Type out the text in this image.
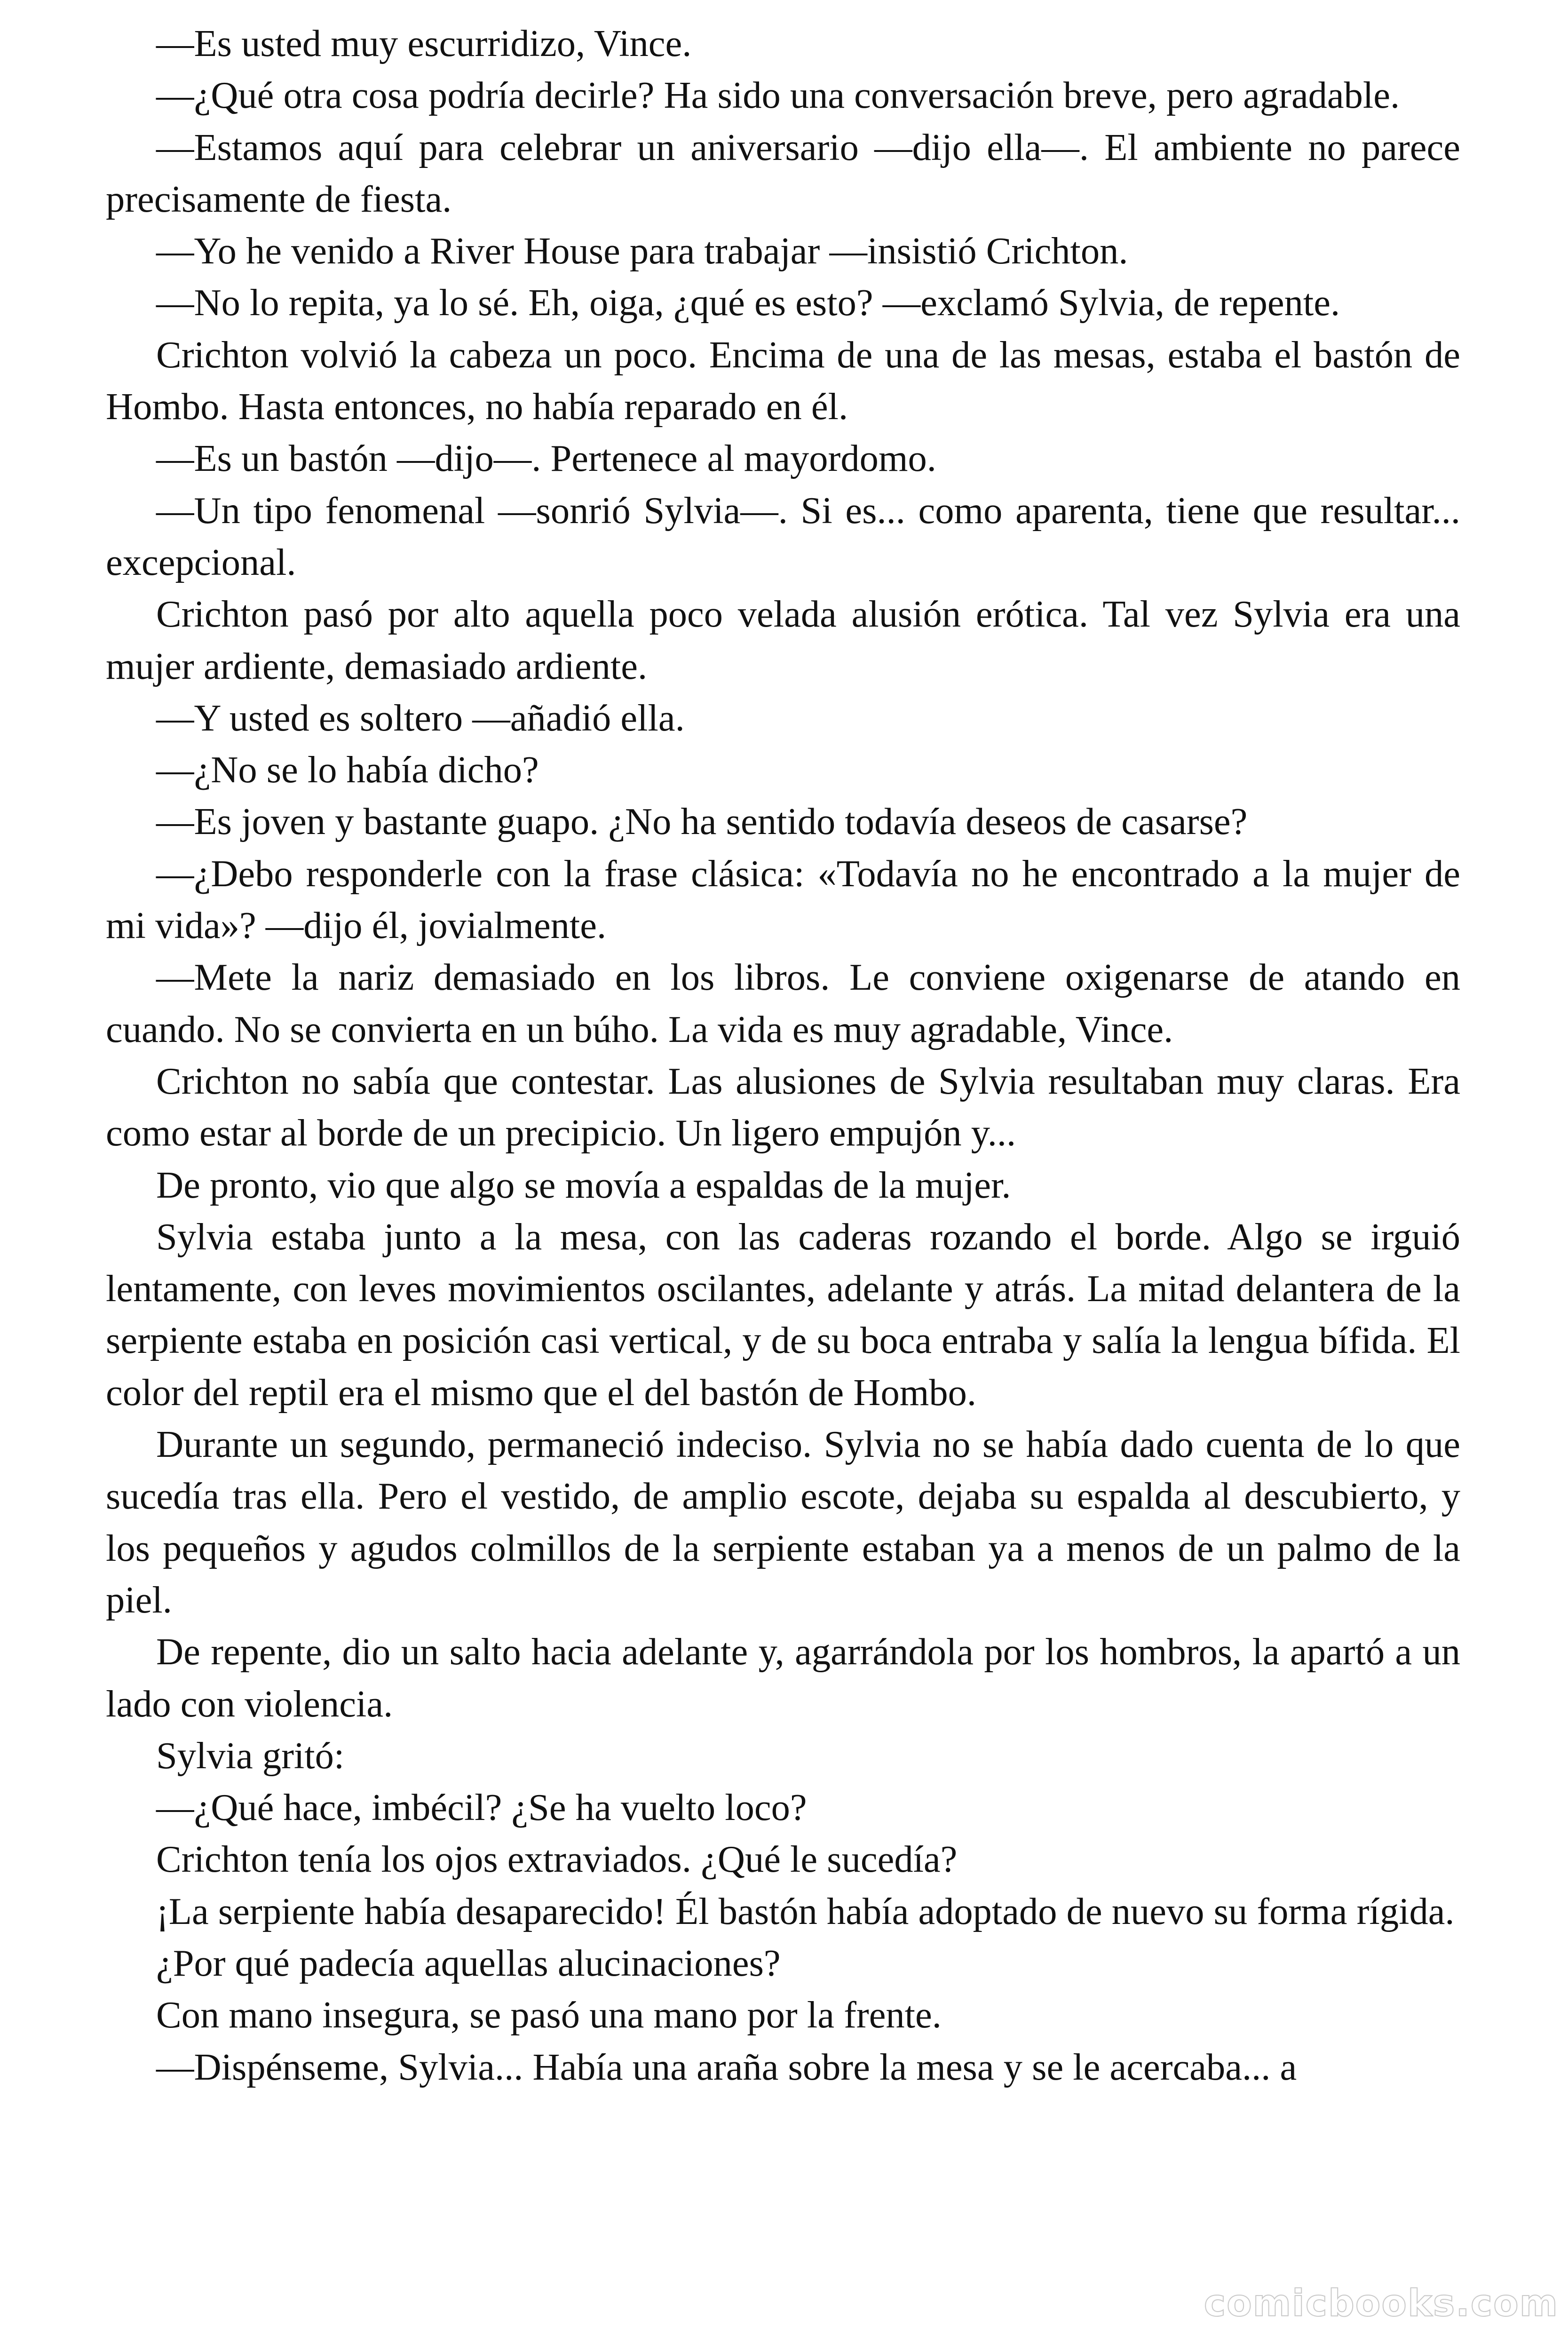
—Es usted muy escurridizo, Vince.

—¿Qué otra cosa podría decirle? Ha sido una conversación breve, pero agradable.

—Estamos aquí para celebrar un aniversario —dijo ella—. El ambiente no parece precisamente de fiesta.

—Yo he venido a River House para trabajar —insistió Crichton.

—No lo repita, ya lo sé. Eh, oiga, ¿qué es esto? —exclamó Sylvia, de repente.

Crichton volvió la cabeza un poco. Encima de una de las mesas, estaba el bastón de Hombo. Hasta entonces, no había reparado en él.

—Es un bastón —dijo—. Pertenece al mayordomo.

—Un tipo fenomenal —sonrió Sylvia—. Si es... como aparenta, tiene que resultar... excepcional.

Crichton pasó por alto aquella poco velada alusión erótica. Tal vez Sylvia era una mujer ardiente, demasiado ardiente.

—Y usted es soltero —añadió ella.

—¿No se lo había dicho?

—Es joven y bastante guapo. ¿No ha sentido todavía deseos de casarse?

—¿Debo responderle con la frase clásica: «Todavía no he encontrado a la mujer de mi vida»? —dijo él, jovialmente.

—Mete la nariz demasiado en los libros. Le conviene oxigenarse de atando en cuando. No se convierta en un búho. La vida es muy agradable, Vince.

Crichton no sabía que contestar. Las alusiones de Sylvia resultaban muy claras. Era como estar al borde de un precipicio. Un ligero empujón y...

De pronto, vio que algo se movía a espaldas de la mujer.

Sylvia estaba junto a la mesa, con las caderas rozando el borde. Algo se irguió lentamente, con leves movimientos oscilantes, adelante y atrás. La mitad delantera de la serpiente estaba en posición casi vertical, y de su boca entraba y salía la lengua bífida. El color del reptil era el mismo que el del bastón de Hombo.

Durante un segundo, permaneció indeciso. Sylvia no se había dado cuenta de lo que sucedía tras ella. Pero el vestido, de amplio escote, dejaba su espalda al descubierto, y los pequeños y agudos colmillos de la serpiente estaban ya a menos de un palmo de la piel.

De repente, dio un salto hacia adelante y, agarrándola por los hombros, la apartó a un lado con violencia.

Sylvia gritó:

—¿Qué hace, imbécil? ¿Se ha vuelto loco?

Crichton tenía los ojos extraviados. ¿Qué le sucedía?

¡La serpiente había desaparecido! Él bastón había adoptado de nuevo su forma rígida.

¿Por qué padecía aquellas alucinaciones?

Con mano insegura, se pasó una mano por la frente.

—Dispénseme, Sylvia... Había una araña sobre la mesa y se le acercaba... a

comicbooks.com
